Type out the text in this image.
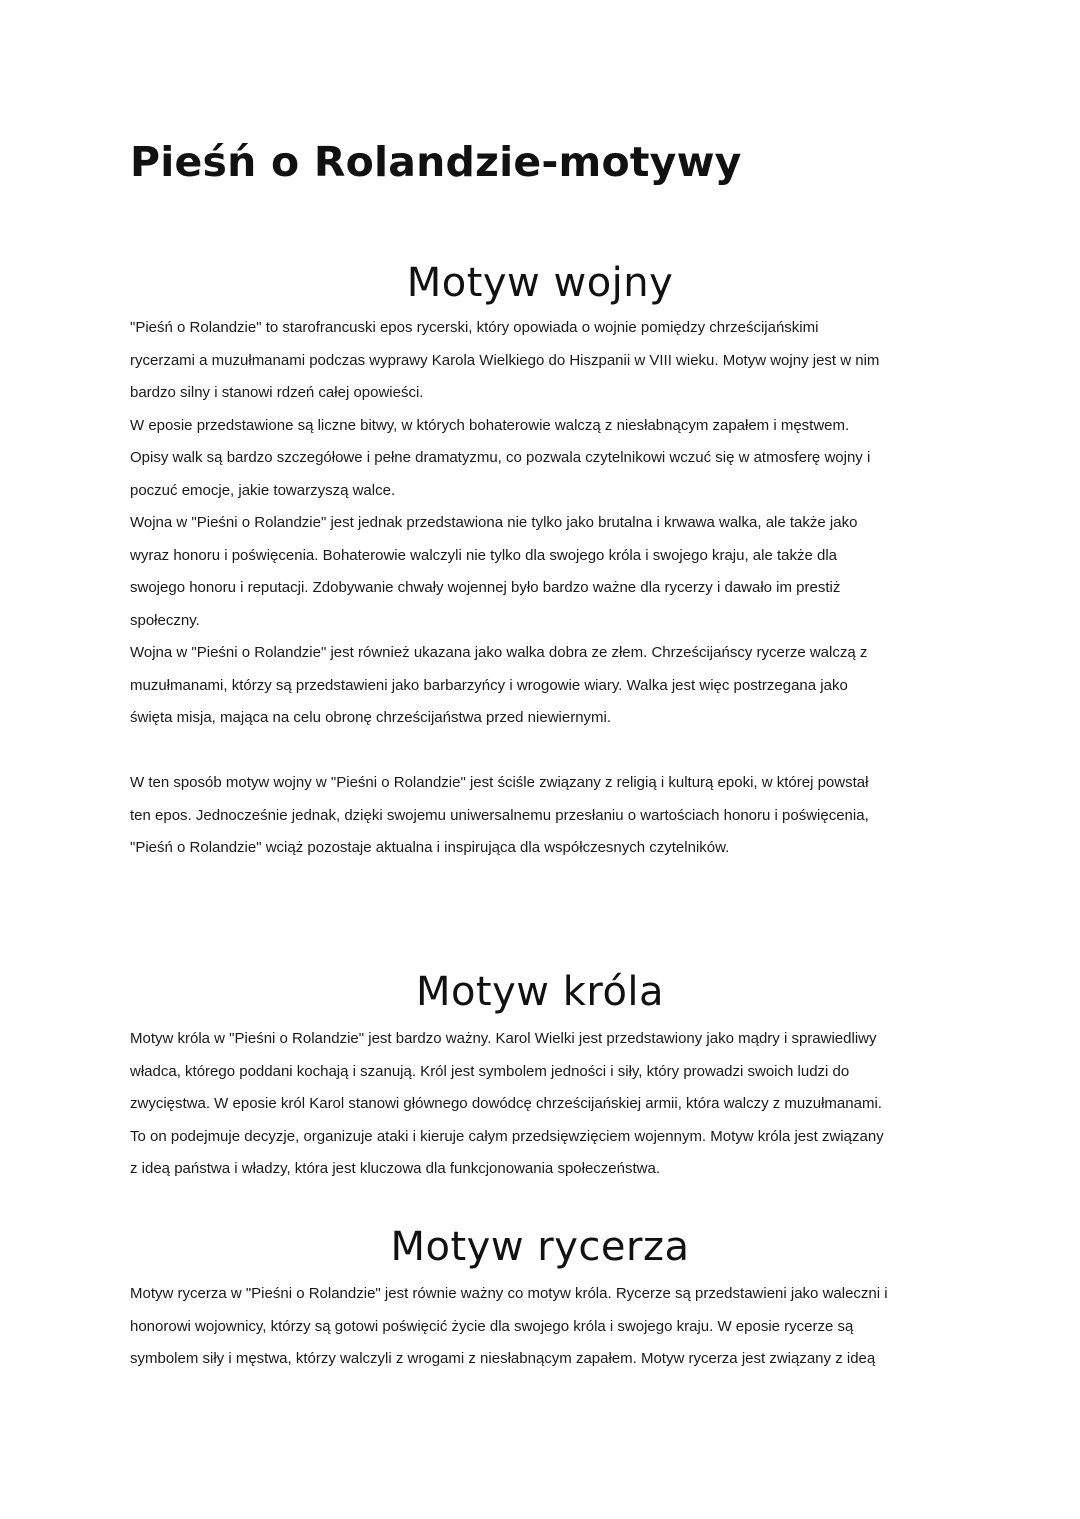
Pieśń o Rolandzie-motywy
Motyw wojny
"Pieśń o Rolandzie" to starofrancuski epos rycerski, który opowiada o wojnie pomiędzy chrześcijańskimi
rycerzami a muzułmanami podczas wyprawy Karola Wielkiego do Hiszpanii w VIII wieku. Motyw wojny jest w nim
bardzo silny i stanowi rdzeń całej opowieści.
W eposie przedstawione są liczne bitwy, w których bohaterowie walczą z niesłabnącym zapałem i męstwem.
Opisy walk są bardzo szczegółowe i pełne dramatyzmu, co pozwala czytelnikowi wczuć się w atmosferę wojny i
poczuć emocje, jakie towarzyszą walce.
Wojna w "Pieśni o Rolandzie" jest jednak przedstawiona nie tylko jako brutalna i krwawa walka, ale także jako
wyraz honoru i poświęcenia. Bohaterowie walczyli nie tylko dla swojego króla i swojego kraju, ale także dla
swojego honoru i reputacji. Zdobywanie chwały wojennej było bardzo ważne dla rycerzy i dawało im prestiż
społeczny.
Wojna w "Pieśni o Rolandzie" jest również ukazana jako walka dobra ze złem. Chrześcijańscy rycerze walczą z
muzułmanami, którzy są przedstawieni jako barbarzyńcy i wrogowie wiary. Walka jest więc postrzegana jako
święta misja, mająca na celu obronę chrześcijaństwa przed niewiernymi.
W ten sposób motyw wojny w "Pieśni o Rolandzie" jest ściśle związany z religią i kulturą epoki, w której powstał
ten epos. Jednocześnie jednak, dzięki swojemu uniwersalnemu przesłaniu o wartościach honoru i poświęcenia,
"Pieśń o Rolandzie" wciąż pozostaje aktualna i inspirująca dla współczesnych czytelników.
Motyw króla
Motyw króla w "Pieśni o Rolandzie" jest bardzo ważny. Karol Wielki jest przedstawiony jako mądry i sprawiedliwy
władca, którego poddani kochają i szanują. Król jest symbolem jedności i siły, który prowadzi swoich ludzi do
zwycięstwa. W eposie król Karol stanowi głównego dowódcę chrześcijańskiej armii, która walczy z muzułmanami.
To on podejmuje decyzje, organizuje ataki i kieruje całym przedsięwzięciem wojennym. Motyw króla jest związany
z ideą państwa i władzy, która jest kluczowa dla funkcjonowania społeczeństwa.
Motyw rycerza
Motyw rycerza w "Pieśni o Rolandzie" jest równie ważny co motyw króla. Rycerze są przedstawieni jako waleczni i
honorowi wojownicy, którzy są gotowi poświęcić życie dla swojego króla i swojego kraju. W eposie rycerze są
symbolem siły i męstwa, którzy walczyli z wrogami z niesłabnącym zapałem. Motyw rycerza jest związany z ideą
